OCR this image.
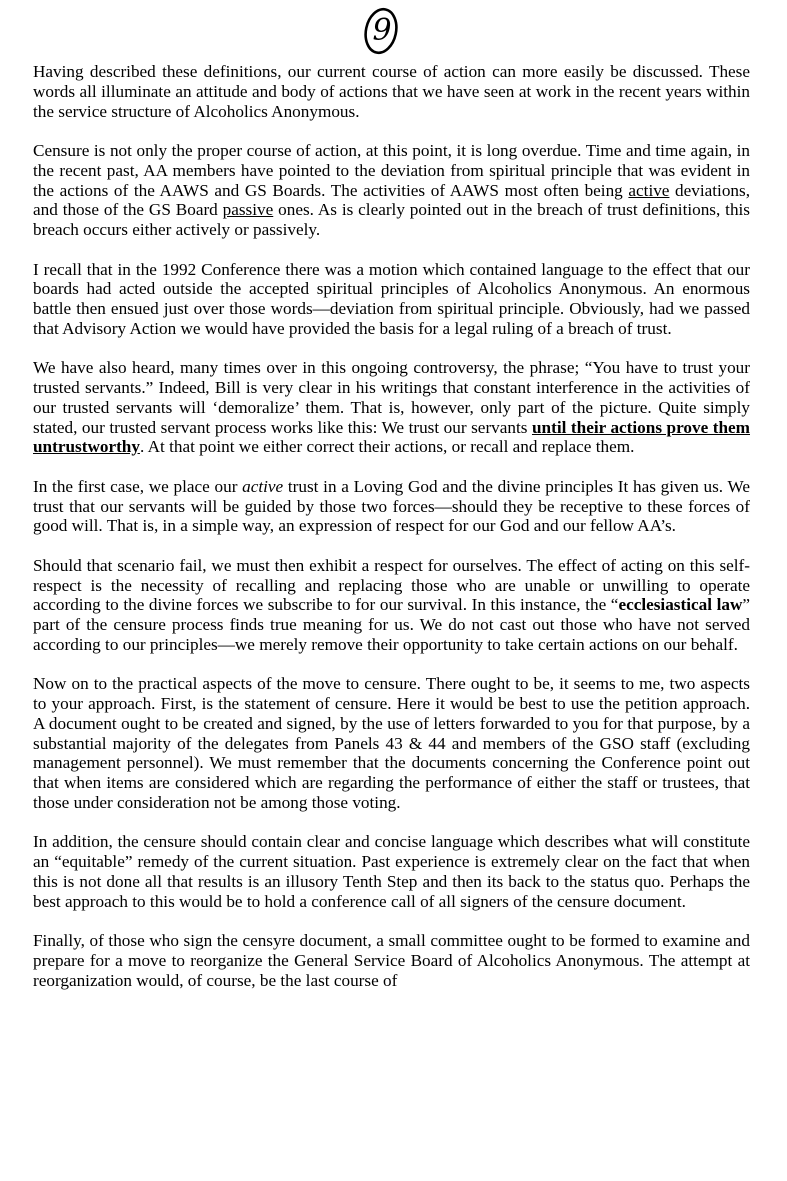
9

Having described these definitions, our current course of action can more easily be discussed. These words all illuminate an attitude and body of actions that we have seen at work in the recent years within the service structure of Alcoholics Anonymous.

Censure is not only the proper course of action, at this point, it is long overdue. Time and time again, in the recent past, AA members have pointed to the deviation from spiritual principle that was evident in the actions of the AAWS and GS Boards. The activities of AAWS most often being active deviations, and those of the GS Board passive ones. As is clearly pointed out in the breach of trust definitions, this breach occurs either actively or passively.

I recall that in the 1992 Conference there was a motion which contained language to the effect that our boards had acted outside the accepted spiritual principles of Alcoholics Anonymous. An enormous battle then ensued just over those words—deviation from spiritual principle. Obviously, had we passed that Advisory Action we would have provided the basis for a legal ruling of a breach of trust.

We have also heard, many times over in this ongoing controversy, the phrase; “You have to trust your trusted servants.” Indeed, Bill is very clear in his writings that constant interference in the activities of our trusted servants will ‘demoralize’ them. That is, however, only part of the picture. Quite simply stated, our trusted servant process works like this: We trust our servants until their actions prove them untrustworthy. At that point we either correct their actions, or recall and replace them.

In the first case, we place our active trust in a Loving God and the divine principles It has given us. We trust that our servants will be guided by those two forces—should they be receptive to these forces of good will. That is, in a simple way, an expression of respect for our God and our fellow AA’s.

Should that scenario fail, we must then exhibit a respect for ourselves. The effect of acting on this self-respect is the necessity of recalling and replacing those who are unable or unwilling to operate according to the divine forces we subscribe to for our survival. In this instance, the “ecclesiastical law” part of the censure process finds true meaning for us. We do not cast out those who have not served according to our principles—we merely remove their opportunity to take certain actions on our behalf.

Now on to the practical aspects of the move to censure. There ought to be, it seems to me, two aspects to your approach. First, is the statement of censure. Here it would be best to use the petition approach. A document ought to be created and signed, by the use of letters forwarded to you for that purpose, by a substantial majority of the delegates from Panels 43 & 44 and members of the GSO staff (excluding management personnel). We must remember that the documents concerning the Conference point out that when items are considered which are regarding the performance of either the staff or trustees, that those under consideration not be among those voting.

In addition, the censure should contain clear and concise language which describes what will constitute an “equitable” remedy of the current situation. Past experience is extremely clear on the fact that when this is not done all that results is an illusory Tenth Step and then its back to the status quo. Perhaps the best approach to this would be to hold a conference call of all signers of the censure document.

Finally, of those who sign the censyre document, a small committee ought to be formed to examine and prepare for a move to reorganize the General Service Board of Alcoholics Anonymous. The attempt at reorganization would, of course, be the last course of
